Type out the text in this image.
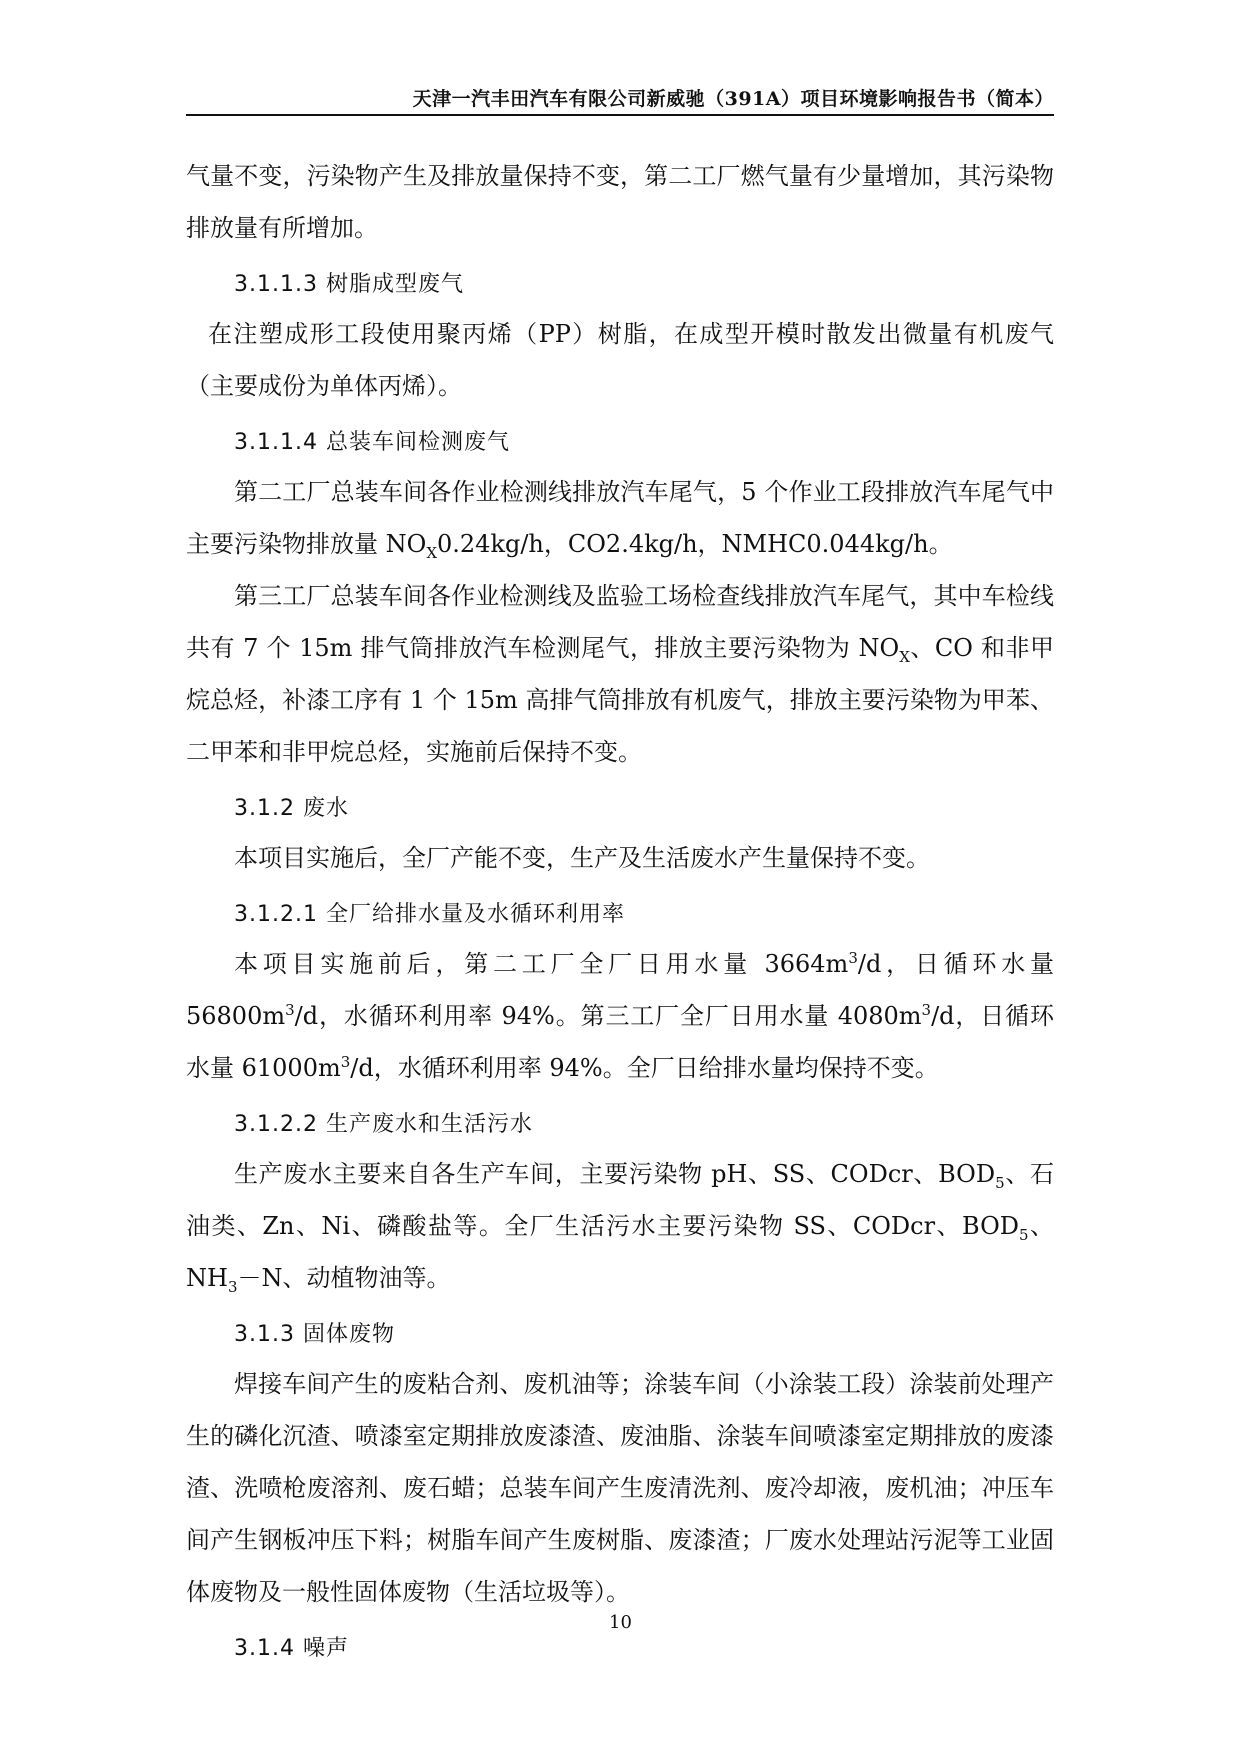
天津一汽丰田汽车有限公司新威驰（391A）项目环境影响报告书（简本）

气量不变，污染物产生及排放量保持不变，第二工厂燃气量有少量增加，其污染物排放量有所增加。

3.1.1.3 树脂成型废气

在注塑成形工段使用聚丙烯（PP）树脂，在成型开模时散发出微量有机废气（主要成份为单体丙烯）。

3.1.1.4 总装车间检测废气

第二工厂总装车间各作业检测线排放汽车尾气，5 个作业工段排放汽车尾气中主要污染物排放量 $NO_X0.24kg/h$，CO2.4kg/h，NMHC0.044kg/h。

第三工厂总装车间各作业检测线及监验工场检查线排放汽车尾气，其中车检线共有 7 个 15m 排气筒排放汽车检测尾气，排放主要污染物为 $NO_X$、CO 和非甲烷总烃，补漆工序有 1 个 15m 高排气筒排放有机废气，排放主要污染物为甲苯、二甲苯和非甲烷总烃，实施前后保持不变。

3.1.2 废水

本项目实施后，全厂产能不变，生产及生活废水产生量保持不变。

3.1.2.1 全厂给排水量及水循环利用率

本项目实施前后，第二工厂全厂日用水量 $3664m^3/d$，日循环水量 $56800m^3/d$，水循环利用率 94%。第三工厂全厂日用水量 $4080m^3/d$，日循环水量 $61000m^3/d$，水循环利用率 94%。全厂日给排水量均保持不变。

3.1.2.2 生产废水和生活污水

生产废水主要来自各生产车间，主要污染物 pH、SS、CODcr、$BOD_5$、石油类、Zn、Ni、磷酸盐等。全厂生活污水主要污染物 SS、CODcr、$BOD_5$、$NH_3-N$、动植物油等。

3.1.3 固体废物

焊接车间产生的废粘合剂、废机油等；涂装车间（小涂装工段）涂装前处理产生的磷化沉渣、喷漆室定期排放废漆渣、废油脂、涂装车间喷漆室定期排放的废漆渣、洗喷枪废溶剂、废石蜡；总装车间产生废清洗剂、废冷却液，废机油；冲压车间产生钢板冲压下料；树脂车间产生废树脂、废漆渣；厂废水处理站污泥等工业固体废物及一般性固体废物（生活垃圾等）。

3.1.4 噪声

10
